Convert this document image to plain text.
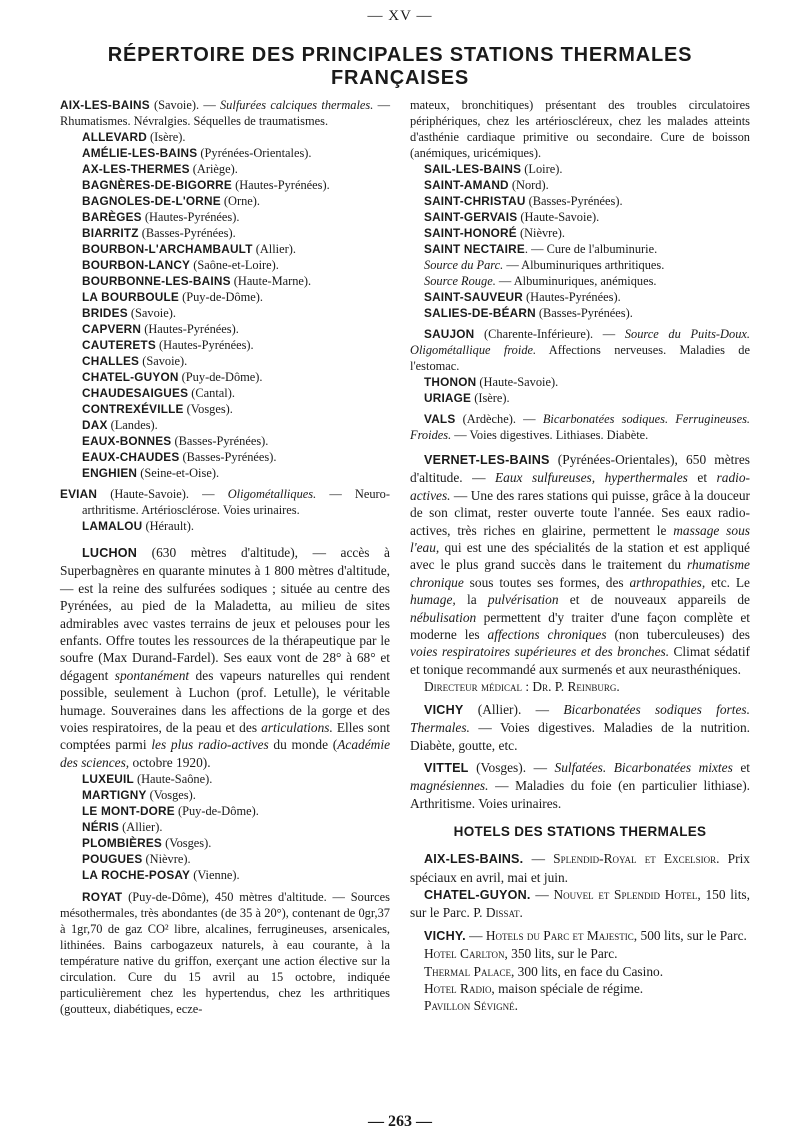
— XV —
RÉPERTOIRE DES PRINCIPALES STATIONS THERMALES
FRANÇAISES

AIX-LES-BAINS (Savoie). — Sulfurées calciques thermales. — Rhumatismes. Névralgies. Séquelles de traumatismes.

ALLEVARD (Isère).
AMÉLIE-LES-BAINS (Pyrénées-Orientales).
AX-LES-THERMES (Ariège).
BAGNÈRES-DE-BIGORRE (Hautes-Pyrénées).
BAGNOLES-DE-L'ORNE (Orne).
BARÈGES (Hautes-Pyrénées).
BIARRITZ (Basses-Pyrénées).
BOURBON-L'ARCHAMBAULT (Allier).
BOURBON-LANCY (Saône-et-Loire).
BOURBONNE-LES-BAINS (Haute-Marne).
LA BOURBOULE (Puy-de-Dôme).
BRIDES (Savoie).
CAPVERN (Hautes-Pyrénées).
CAUTERETS (Hautes-Pyrénées).
CHALLES (Savoie).
CHATEL-GUYON (Puy-de-Dôme).
CHAUDESAIGUES (Cantal).
CONTREXÉVILLE (Vosges).
DAX (Landes).
EAUX-BONNES (Basses-Pyrénées).
EAUX-CHAUDES (Basses-Pyrénées).
ENGHIEN (Seine-et-Oise).

EVIAN (Haute-Savoie). — Oligométalliques. — Neuro-arthritisme. Artériosclérose. Voies urinaires.

LAMALOU (Hérault).

LUCHON (630 mètres d'altitude), — accès à Superbagnères en quarante minutes à 1 800 mètres d'altitude, — est la reine des sulfurées sodiques ; située au centre des Pyrénées, au pied de la Maladetta, au milieu de sites admirables avec vastes terrains de jeux et pelouses pour les enfants. Offre toutes les ressources de la thérapeutique par le soufre (Max Durand-Fardel). Ses eaux vont de 28° à 68° et dégagent spontanément des vapeurs naturelles qui rendent possible, seulement à Luchon (prof. Letulle), le véritable humage. Souveraines dans les affections de la gorge et des voies respiratoires, de la peau et des articulations. Elles sont comptées parmi les plus radio-actives du monde (Académie des sciences, octobre 1920).

LUXEUIL (Haute-Saône).
MARTIGNY (Vosges).
LE MONT-DORE (Puy-de-Dôme).
NÉRIS (Allier).
PLOMBIÈRES (Vosges).
POUGUES (Nièvre).
LA ROCHE-POSAY (Vienne).

ROYAT (Puy-de-Dôme), 450 mètres d'altitude. — Sources mésothermales, très abondantes (de 35 à 20°), contenant de 0gr,37 à 1gr,70 de gaz CO² libre, alcalines, ferrugineuses, arsenicales, lithinées. Bains carbogazeux naturels, à eau courante, à la température native du griffon, exerçant une action élective sur la circulation. Cure du 15 avril au 15 octobre, indiquée particulièrement chez les hypertendus, chez les arthritiques (goutteux, diabétiques, ecze-

mateux, bronchitiques) présentant des troubles circulatoires périphériques, chez les artérioscléreux, chez les malades atteints d'asthénie cardiaque primitive ou secondaire. Cure de boisson (anémiques, uricémiques).

SAIL-LES-BAINS (Loire).
SAINT-AMAND (Nord).
SAINT-CHRISTAU (Basses-Pyrénées).
SAINT-GERVAIS (Haute-Savoie).
SAINT-HONORÉ (Nièvre).
SAINT NECTAIRE. — Cure de l'albuminurie.

Source du Parc. — Albuminuriques arthritiques.

Source Rouge. — Albuminuriques, anémiques.

SAINT-SAUVEUR (Hautes-Pyrénées).
SALIES-DE-BÉARN (Basses-Pyrénées).

SAUJON (Charente-Inférieure). — Source du Puits-Doux. Oligométallique froide. Affections nerveuses. Maladies de l'estomac.

THONON (Haute-Savoie).
URIAGE (Isère).

VALS (Ardèche). — Bicarbonatées sodiques. Ferrugineuses. Froides. — Voies digestives. Lithiases. Diabète.

VERNET-LES-BAINS (Pyrénées-Orientales), 650 mètres d'altitude. — Eaux sulfureuses, hyperthermales et radio-actives. — Une des rares stations qui puisse, grâce à la douceur de son climat, rester ouverte toute l'année. Ses eaux radio-actives, très riches en glairine, permettent le massage sous l'eau, qui est une des spécialités de la station et est appliqué avec le plus grand succès dans le traitement du rhumatisme chronique sous toutes ses formes, des arthropathies, etc. Le humage, la pulvérisation et de nouveaux appareils de nébulisation permettent d'y traiter d'une façon complète et moderne les affections chroniques (non tuberculeuses) des voies respiratoires supérieures et des bronches. Climat sédatif et tonique recommandé aux surmenés et aux neurasthéniques.

Directeur médical : Dr. P. Reinburg.

VICHY (Allier). — Bicarbonatées sodiques fortes. Thermales. — Voies digestives. Maladies de la nutrition. Diabète, goutte, etc.

VITTEL (Vosges). — Sulfatées. Bicarbonatées mixtes et magnésiennes. — Maladies du foie (en particulier lithiase). Arthritisme. Voies urinaires.

HOTELS DES STATIONS THERMALES

AIX-LES-BAINS. — Splendid-Royal et Excelsior. Prix spéciaux en avril, mai et juin.

CHATEL-GUYON. — Nouvel et Splendid Hotel, 150 lits, sur le Parc. P. Dissat.

VICHY. — Hotels du Parc et Majestic, 500 lits, sur le Parc.

Hotel Carlton, 350 lits, sur le Parc.
Thermal Palace, 300 lits, en face du Casino.
Hotel Radio, maison spéciale de régime.
Pavillon Sévigné.
— 263 —
